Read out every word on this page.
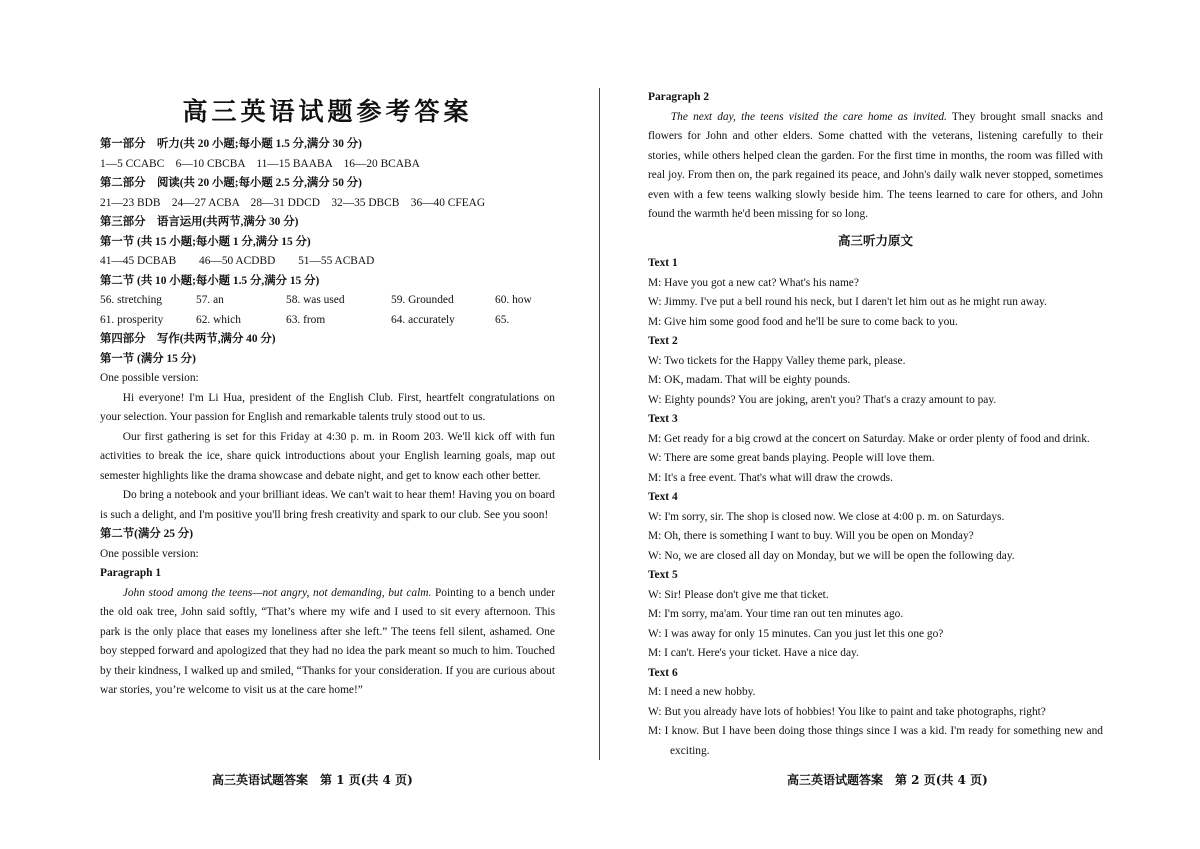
高三英语试题参考答案
第一部分　听力(共 20 小题;每小题 1.5 分,满分 30 分)
1—5 CCABC　6—10 CBCBA　11—15 BAABA　16—20 BCABA
第二部分　阅读(共 20 小题;每小题 2.5 分,满分 50 分)
21—23 BDB　24—27 ACBA　28—31 DDCD　32—35 DBCB　36—40 CFEAG
第三部分　语言运用(共两节,满分 30 分)
第一节 (共 15 小题;每小题 1 分,满分 15 分)
41—45 DCBAB　　46—50 ACDBD　　51—55 ACBAD
第二节 (共 10 小题;每小题 1.5 分,满分 15 分)
56. stretching	57. an	58. was used	59. Grounded	60. how
61. prosperity	62. which	63. from	64. accurately	65.
第四部分　写作(共两节,满分 40 分)
第一节 (满分 15 分)
One possible version:
Hi everyone! I'm Li Hua, president of the English Club. First, heartfelt congratulations on your selection. Your passion for English and remarkable talents truly stood out to us.
Our first gathering is set for this Friday at 4:30 p. m. in Room 203. We'll kick off with fun activities to break the ice, share quick introductions about your English learning goals, map out semester highlights like the drama showcase and debate night, and get to know each other better.
Do bring a notebook and your brilliant ideas. We can't wait to hear them! Having you on board is such a delight, and I'm positive you'll bring fresh creativity and spark to our club. See you soon!
第二节(满分 25 分)
One possible version:
Paragraph 1
John stood among the teens—not angry, not demanding, but calm. Pointing to a bench under the old oak tree, John said softly, “That’s where my wife and I used to sit every afternoon. This park is the only place that eases my loneliness after she left.” The teens fell silent, ashamed. One boy stepped forward and apologized that they had no idea the park meant so much to him. Touched by their kindness, I walked up and smiled, “Thanks for your consideration. If you are curious about war stories, you’re welcome to visit us at the care home!”
高三英语试题答案　第 1 页(共 4 页)
Paragraph 2
The next day, the teens visited the care home as invited. They brought small snacks and flowers for John and other elders. Some chatted with the veterans, listening carefully to their stories, while others helped clean the garden. For the first time in months, the room was filled with real joy. From then on, the park regained its peace, and John's daily walk never stopped, sometimes even with a few teens walking slowly beside him. The teens learned to care for others, and John found the warmth he'd been missing for so long.
高三听力原文
Text 1
M: Have you got a new cat? What's his name?
W: Jimmy. I've put a bell round his neck, but I daren't let him out as he might run away.
M: Give him some good food and he'll be sure to come back to you.
Text 2
W: Two tickets for the Happy Valley theme park, please.
M: OK, madam. That will be eighty pounds.
W: Eighty pounds? You are joking, aren't you? That's a crazy amount to pay.
Text 3
M: Get ready for a big crowd at the concert on Saturday. Make or order plenty of food and drink.
W: There are some great bands playing. People will love them.
M: It's a free event. That's what will draw the crowds.
Text 4
W: I'm sorry, sir. The shop is closed now. We close at 4:00 p. m. on Saturdays.
M: Oh, there is something I want to buy. Will you be open on Monday?
W: No, we are closed all day on Monday, but we will be open the following day.
Text 5
W: Sir! Please don't give me that ticket.
M: I'm sorry, ma'am. Your time ran out ten minutes ago.
W: I was away for only 15 minutes. Can you just let this one go?
M: I can't. Here's your ticket. Have a nice day.
Text 6
M: I need a new hobby.
W: But you already have lots of hobbies! You like to paint and take photographs, right?
M: I know. But I have been doing those things since I was a kid. I'm ready for something new and exciting.
高三英语试题答案　第 2 页(共 4 页)
